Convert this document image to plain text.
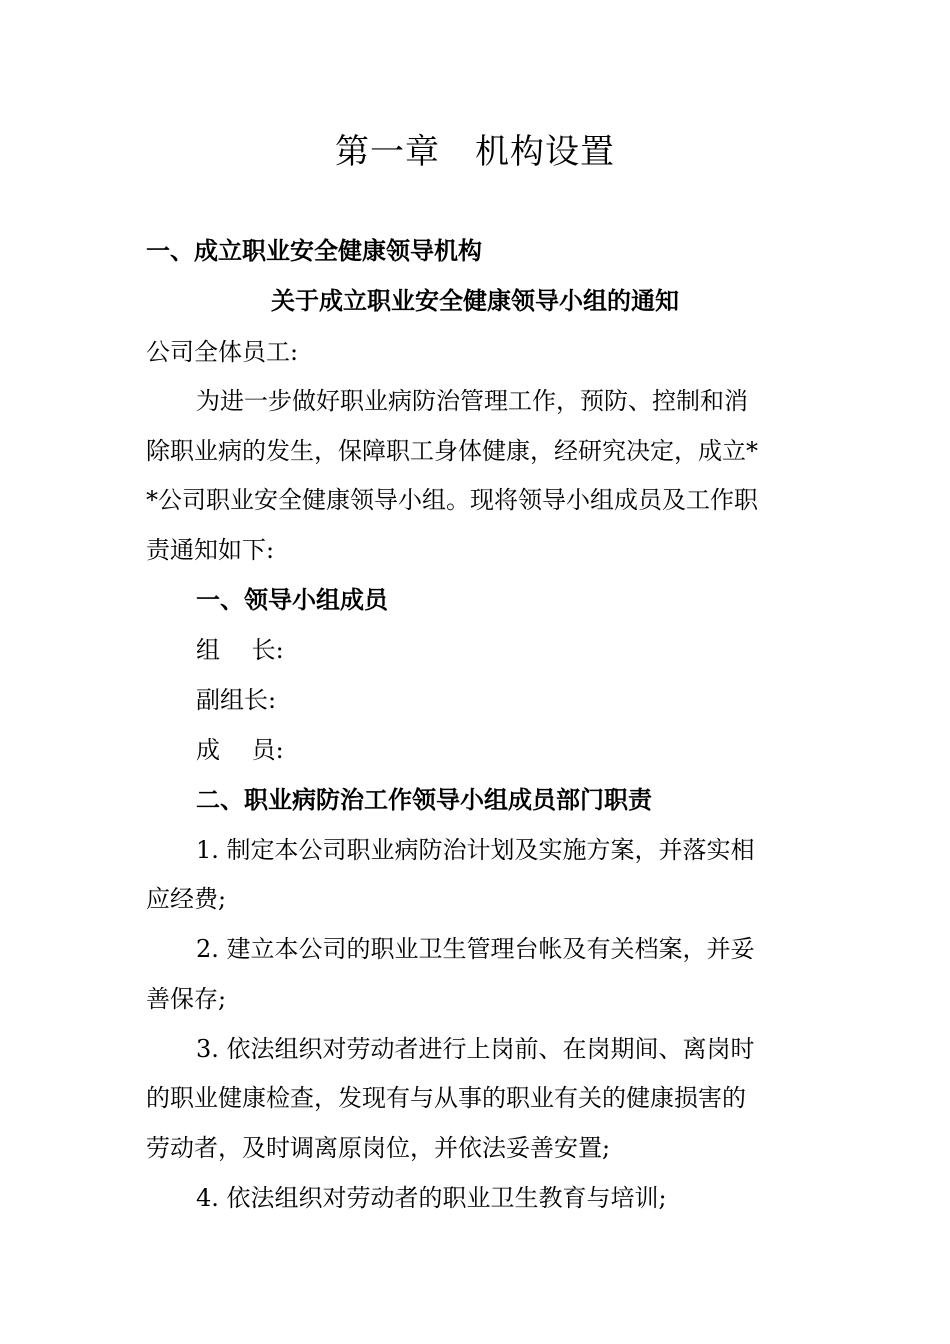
第一章　机构设置
一、成立职业安全健康领导机构
关于成立职业安全健康领导小组的通知
公司全体员工:
为进一步做好职业病防治管理工作，预防、控制和消
除职业病的发生，保障职工身体健康，经研究决定，成立*
*公司职业安全健康领导小组。现将领导小组成员及工作职
责通知如下:
一、领导小组成员
组　 长:
副组长:
成　 员:
二、职业病防治工作领导小组成员部门职责
1. 制定本公司职业病防治计划及实施方案，并落实相
应经费;
2. 建立本公司的职业卫生管理台帐及有关档案，并妥
善保存;
3. 依法组织对劳动者进行上岗前、在岗期间、离岗时
的职业健康检查，发现有与从事的职业有关的健康损害的
劳动者，及时调离原岗位，并依法妥善安置;
4. 依法组织对劳动者的职业卫生教育与培训;
